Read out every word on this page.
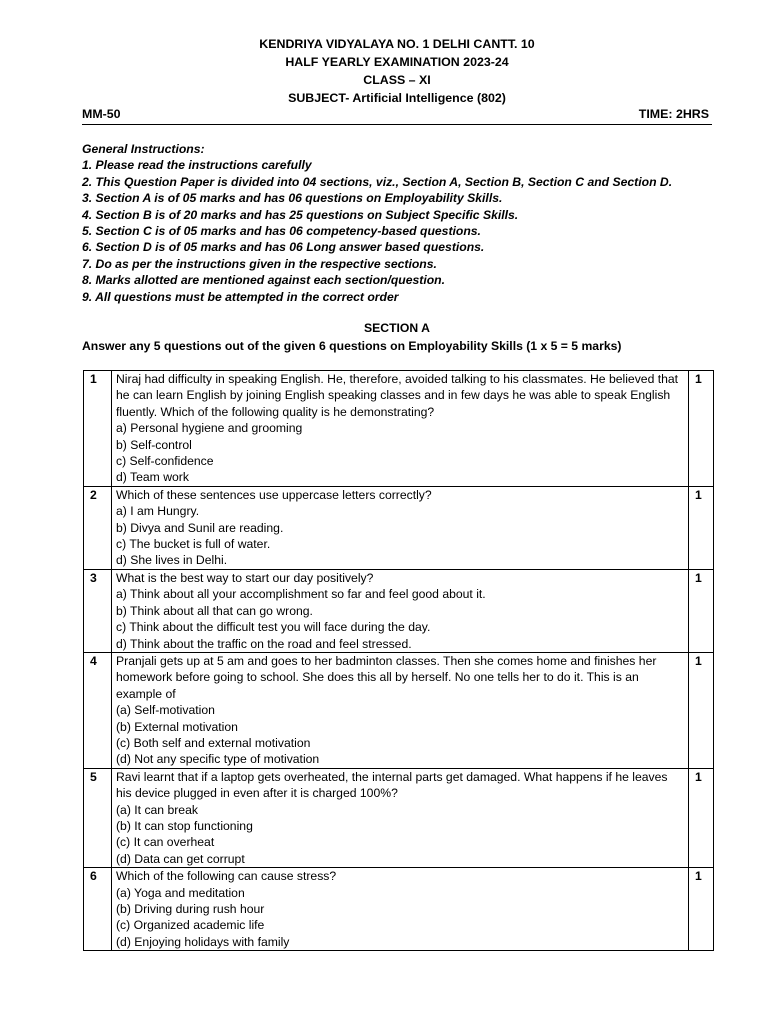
KENDRIYA VIDYALAYA NO. 1 DELHI CANTT. 10
HALF YEARLY EXAMINATION 2023-24
CLASS – XI
SUBJECT- Artificial Intelligence (802)
MM-50	TIME: 2HRS
General Instructions:
1. Please read the instructions carefully
2. This Question Paper is divided into 04 sections, viz., Section A, Section B, Section C and Section D.
3. Section A is of 05 marks and has 06 questions on Employability Skills.
4. Section B is of 20 marks and has 25 questions on Subject Specific Skills.
5. Section C is of 05 marks and has 06 competency-based questions.
6. Section D is of 05 marks and has 06 Long answer based questions.
7. Do as per the instructions given in the respective sections.
8. Marks allotted are mentioned against each section/question.
9. All questions must be attempted in the correct order
SECTION A
Answer any 5 questions out of the given 6 questions on Employability Skills (1 x 5 = 5 marks)
1	Niraj had difficulty in speaking English. He, therefore, avoided talking to his classmates. He believed that he can learn English by joining English speaking classes and in few days he was able to speak English fluently. Which of the following quality is he demonstrating?
a) Personal hygiene and grooming
b) Self-control
c) Self-confidence
d) Team work	1
2	Which of these sentences use uppercase letters correctly?
a) I am Hungry.
b) Divya and Sunil are reading.
c) The bucket is full of water.
d) She lives in Delhi.	1
3	What is the best way to start our day positively?
a) Think about all your accomplishment so far and feel good about it.
b) Think about all that can go wrong.
c) Think about the difficult test you will face during the day.
d) Think about the traffic on the road and feel stressed.	1
4	Pranjali gets up at 5 am and goes to her badminton classes. Then she comes home and finishes her homework before going to school. She does this all by herself. No one tells her to do it. This is an example of
(a) Self-motivation
(b) External motivation
(c) Both self and external motivation
(d) Not any specific type of motivation	1
5	Ravi learnt that if a laptop gets overheated, the internal parts get damaged. What happens if he leaves his device plugged in even after it is charged 100%?
(a) It can break
(b) It can stop functioning
(c) It can overheat
(d) Data can get corrupt	1
6	Which of the following can cause stress?
(a) Yoga and meditation
(b) Driving during rush hour
(c) Organized academic life
(d) Enjoying holidays with family	1
